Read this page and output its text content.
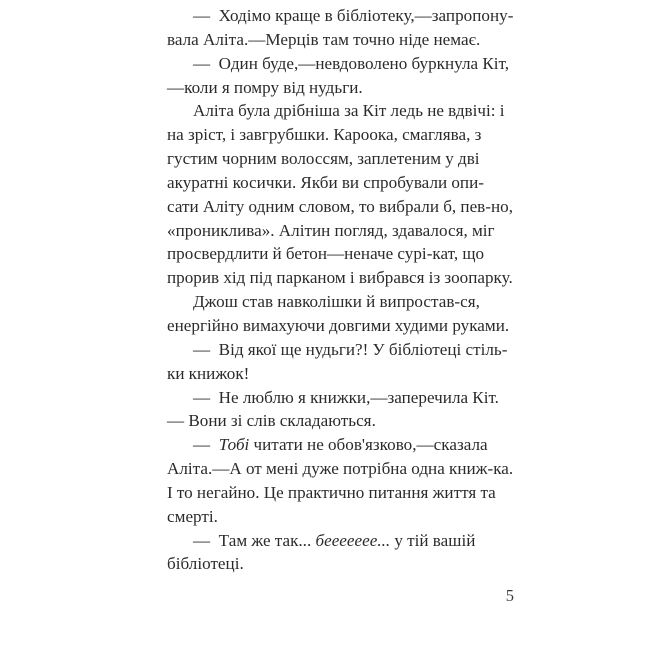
— Ходімо краще в бібліотеку,—запропону-вала Аліта.—Мерців там точно ніде немає.

— Один буде,—невдоволено буркнула Кіт,—коли я помру від нудьги.

Аліта була дрібніша за Кіт ледь не вдвічі: і на зріст, і завгрубшки. Кароока, смаглява, з густим чорним волоссям, заплетеним у дві акуратні косички. Якби ви спробували опи-сати Аліту одним словом, то вибрали б, пев-но, «прониклива». Алітин погляд, здавалося, міг просвердлити й бетон—неначе сурі-кат, що прорив хід під парканом і вибрався із зоопарку.

Джош став навколішки й випростав-ся, енергійно вимахуючи довгими худими руками.

— Від якої ще нудьги?! У бібліотеці стіль-ки книжок!

— Не люблю я книжки,—заперечила Кіт.— Вони зі слів складаються.

— Тобі читати не обов'язково,—сказала Аліта.—А от мені дуже потрібна одна книж-ка. І то негайно. Це практично питання життя та смерті.

— Там же так... беееееее... у тій вашій бібліотеці.

5
